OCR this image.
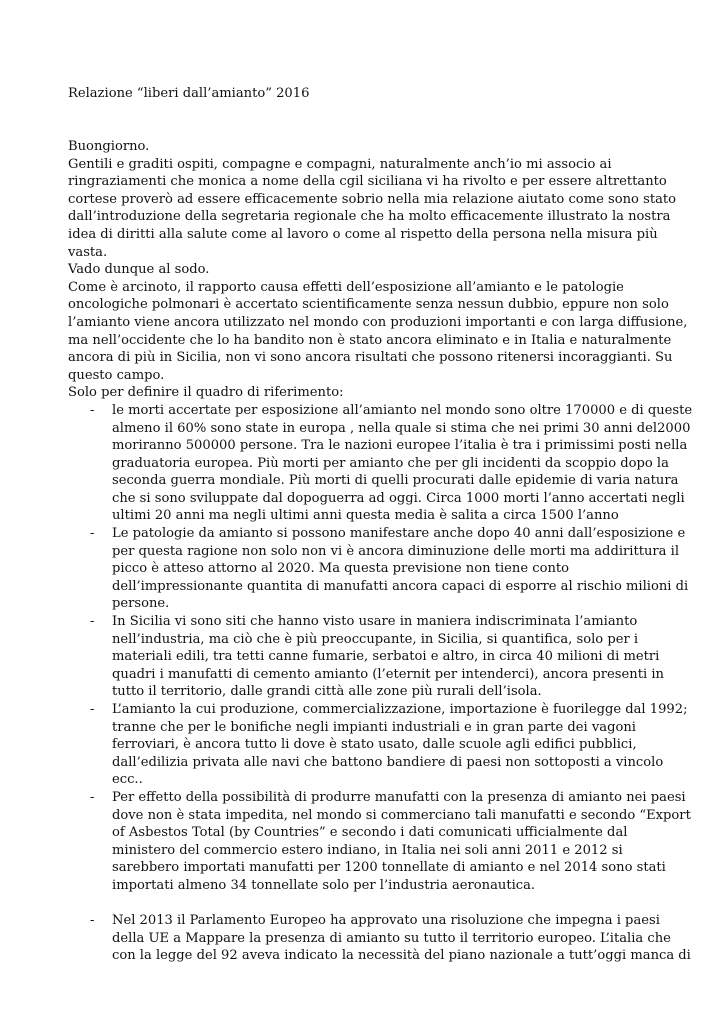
Relazione “liberi dall’amianto” 2016
Buongiorno.
Gentili e graditi ospiti, compagne e compagni, naturalmente anch’io mi associo ai
ringraziamenti che monica a nome della cgil siciliana vi ha rivolto e per essere altrettanto
cortese proverò ad essere efficacemente sobrio nella mia relazione aiutato come sono stato
dall’introduzione della segretaria regionale che ha molto efficacemente illustrato la nostra
idea di diritti alla salute come al lavoro o come al rispetto della persona nella misura più
vasta.
Vado dunque al sodo.
Come è arcinoto, il rapporto causa effetti dell’esposizione all’amianto e le patologie
oncologiche polmonari è accertato scientificamente senza nessun dubbio, eppure non solo
l’amianto viene ancora utilizzato nel mondo con produzioni importanti e con larga diffusione,
ma nell’occidente che lo ha bandito non è stato ancora eliminato e in Italia e naturalmente
ancora di più in Sicilia, non vi sono ancora risultati che possono ritenersi incoraggianti. Su
questo campo.
Solo per definire il quadro di riferimento:
- le morti accertate per esposizione all’amianto nel mondo sono oltre 170000 e di queste
almeno il 60% sono state in europa , nella quale si stima che nei primi 30 anni del2000
moriranno 500000 persone. Tra le nazioni europee l’italia è tra i primissimi posti nella
graduatoria europea. Più morti per amianto che per gli incidenti da scoppio dopo la
seconda guerra mondiale. Più morti di quelli procurati dalle epidemie di varia natura
che si sono sviluppate dal dopoguerra ad oggi. Circa 1000 morti l’anno accertati negli
ultimi 20 anni ma negli ultimi anni questa media è salita a circa 1500 l’anno
- Le patologie da amianto si possono manifestare anche dopo 40 anni dall’esposizione e
per questa ragione non solo non vi è ancora diminuzione delle morti ma addirittura il
picco è atteso attorno al 2020. Ma questa previsione non tiene conto
dell’impressionante quantita di manufatti ancora capaci di esporre al rischio milioni di
persone.
- In Sicilia vi sono siti che hanno visto usare in maniera indiscriminata l’amianto
nell’industria, ma ciò che è più preoccupante, in Sicilia, si quantifica, solo per i
materiali edili, tra tetti canne fumarie, serbatoi e altro, in circa 40 milioni di metri
quadri i manufatti di cemento amianto (l’eternit per intenderci), ancora presenti in
tutto il territorio, dalle grandi città alle zone più rurali dell’isola.
- L’amianto la cui produzione, commercializzazione, importazione è fuorilegge dal 1992;
tranne che per le bonifiche negli impianti industriali e in gran parte dei vagoni
ferroviari, è ancora tutto li dove è stato usato, dalle scuole agli edifici pubblici,
dall’edilizia privata alle navi che battono bandiere di paesi non sottoposti a vincolo
ecc..
- Per effetto della possibilità di produrre manufatti con la presenza di amianto nei paesi
dove non è stata impedita, nel mondo si commerciano tali manufatti e secondo “Export
of Asbestos Total (by Countries” e secondo i dati comunicati ufficialmente dal
ministero del commercio estero indiano, in Italia nei soli anni 2011 e 2012 si
sarebbero importati manufatti per 1200 tonnellate di amianto e nel 2014 sono stati
importati almeno 34 tonnellate solo per l’industria aeronautica.
- Nel 2013 il Parlamento Europeo ha approvato una risoluzione che impegna i paesi
della UE a Mappare la presenza di amianto su tutto il territorio europeo. L’italia che
con la legge del 92 aveva indicato la necessità del piano nazionale a tutt’oggi manca di
